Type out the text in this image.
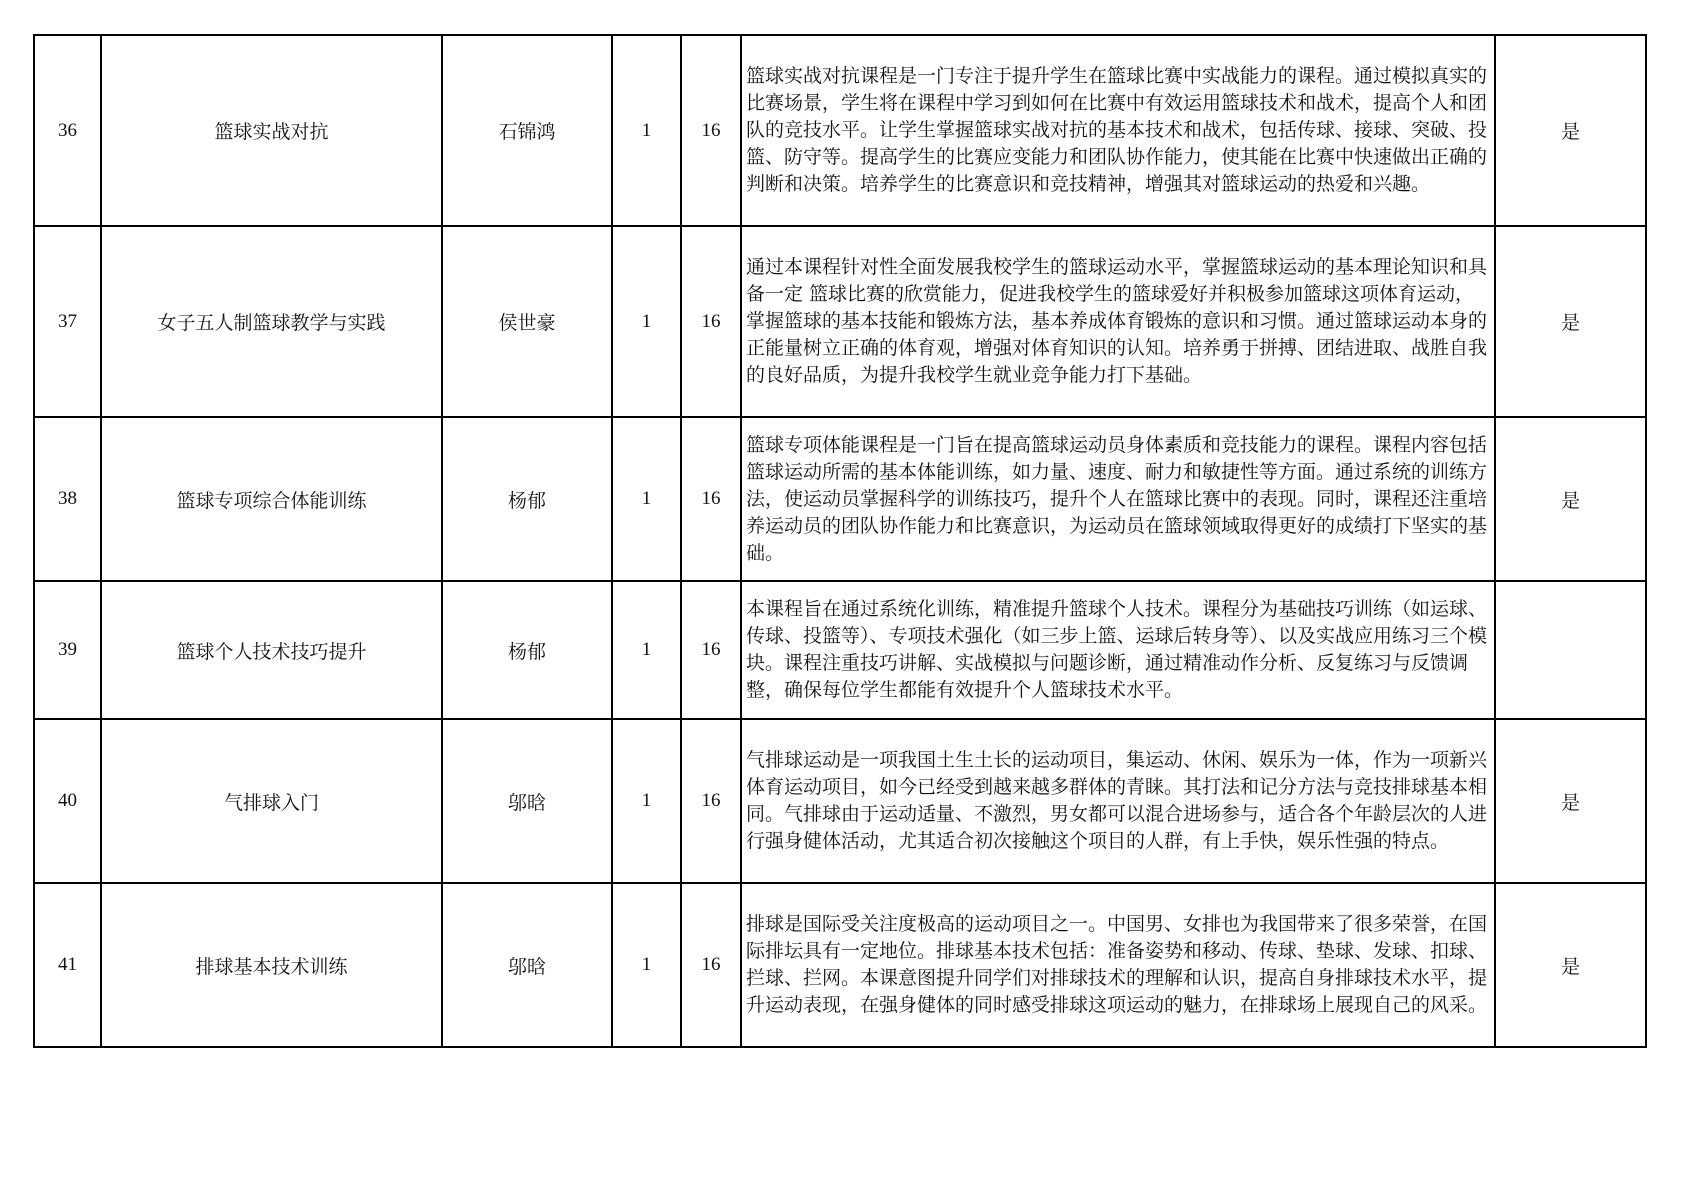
36	篮球实战对抗	石锦鸿	1	16	篮球实战对抗课程是一门专注于提升学生在篮球比赛中实战能力的课程。通过模拟真实的比赛场景，学生将在课程中学习到如何在比赛中有效运用篮球技术和战术，提高个人和团队的竞技水平。让学生掌握篮球实战对抗的基本技术和战术，包括传球、接球、突破、投篮、防守等。提高学生的比赛应变能力和团队协作能力，使其能在比赛中快速做出正确的判断和决策。培养学生的比赛意识和竞技精神，增强其对篮球运动的热爱和兴趣。	是
37	女子五人制篮球教学与实践	侯世豪	1	16	通过本课程针对性全面发展我校学生的篮球运动水平，掌握篮球运动的基本理论知识和具备一定 篮球比赛的欣赏能力，促进我校学生的篮球爱好并积极参加篮球这项体育运动，掌握篮球的基本技能和锻炼方法，基本养成体育锻炼的意识和习惯。通过篮球运动本身的正能量树立正确的体育观，增强对体育知识的认知。培养勇于拼搏、团结进取、战胜自我的良好品质，为提升我校学生就业竞争能力打下基础。	是
38	篮球专项综合体能训练	杨郁	1	16	篮球专项体能课程是一门旨在提高篮球运动员身体素质和竞技能力的课程。课程内容包括篮球运动所需的基本体能训练，如力量、速度、耐力和敏捷性等方面。通过系统的训练方法，使运动员掌握科学的训练技巧，提升个人在篮球比赛中的表现。同时，课程还注重培养运动员的团队协作能力和比赛意识，为运动员在篮球领域取得更好的成绩打下坚实的基础。	是
39	篮球个人技术技巧提升	杨郁	1	16	本课程旨在通过系统化训练，精准提升篮球个人技术。课程分为基础技巧训练（如运球、传球、投篮等）、专项技术强化（如三步上篮、运球后转身等）、以及实战应用练习三个模块。课程注重技巧讲解、实战模拟与问题诊断，通过精准动作分析、反复练习与反馈调整，确保每位学生都能有效提升个人篮球技术水平。	
40	气排球入门	邬晗	1	16	气排球运动是一项我国土生土长的运动项目，集运动、休闲、娱乐为一体，作为一项新兴体育运动项目，如今已经受到越来越多群体的青睐。其打法和记分方法与竞技排球基本相同。气排球由于运动适量、不激烈，男女都可以混合进场参与，适合各个年龄层次的人进行强身健体活动，尤其适合初次接触这个项目的人群，有上手快，娱乐性强的特点。	是
41	排球基本技术训练	邬晗	1	16	排球是国际受关注度极高的运动项目之一。中国男、女排也为我国带来了很多荣誉，在国际排坛具有一定地位。排球基本技术包括：准备姿势和移动、传球、垫球、发球、扣球、拦球、拦网。本课意图提升同学们对排球技术的理解和认识，提高自身排球技术水平，提升运动表现，在强身健体的同时感受排球这项运动的魅力，在排球场上展现自己的风采。	是
